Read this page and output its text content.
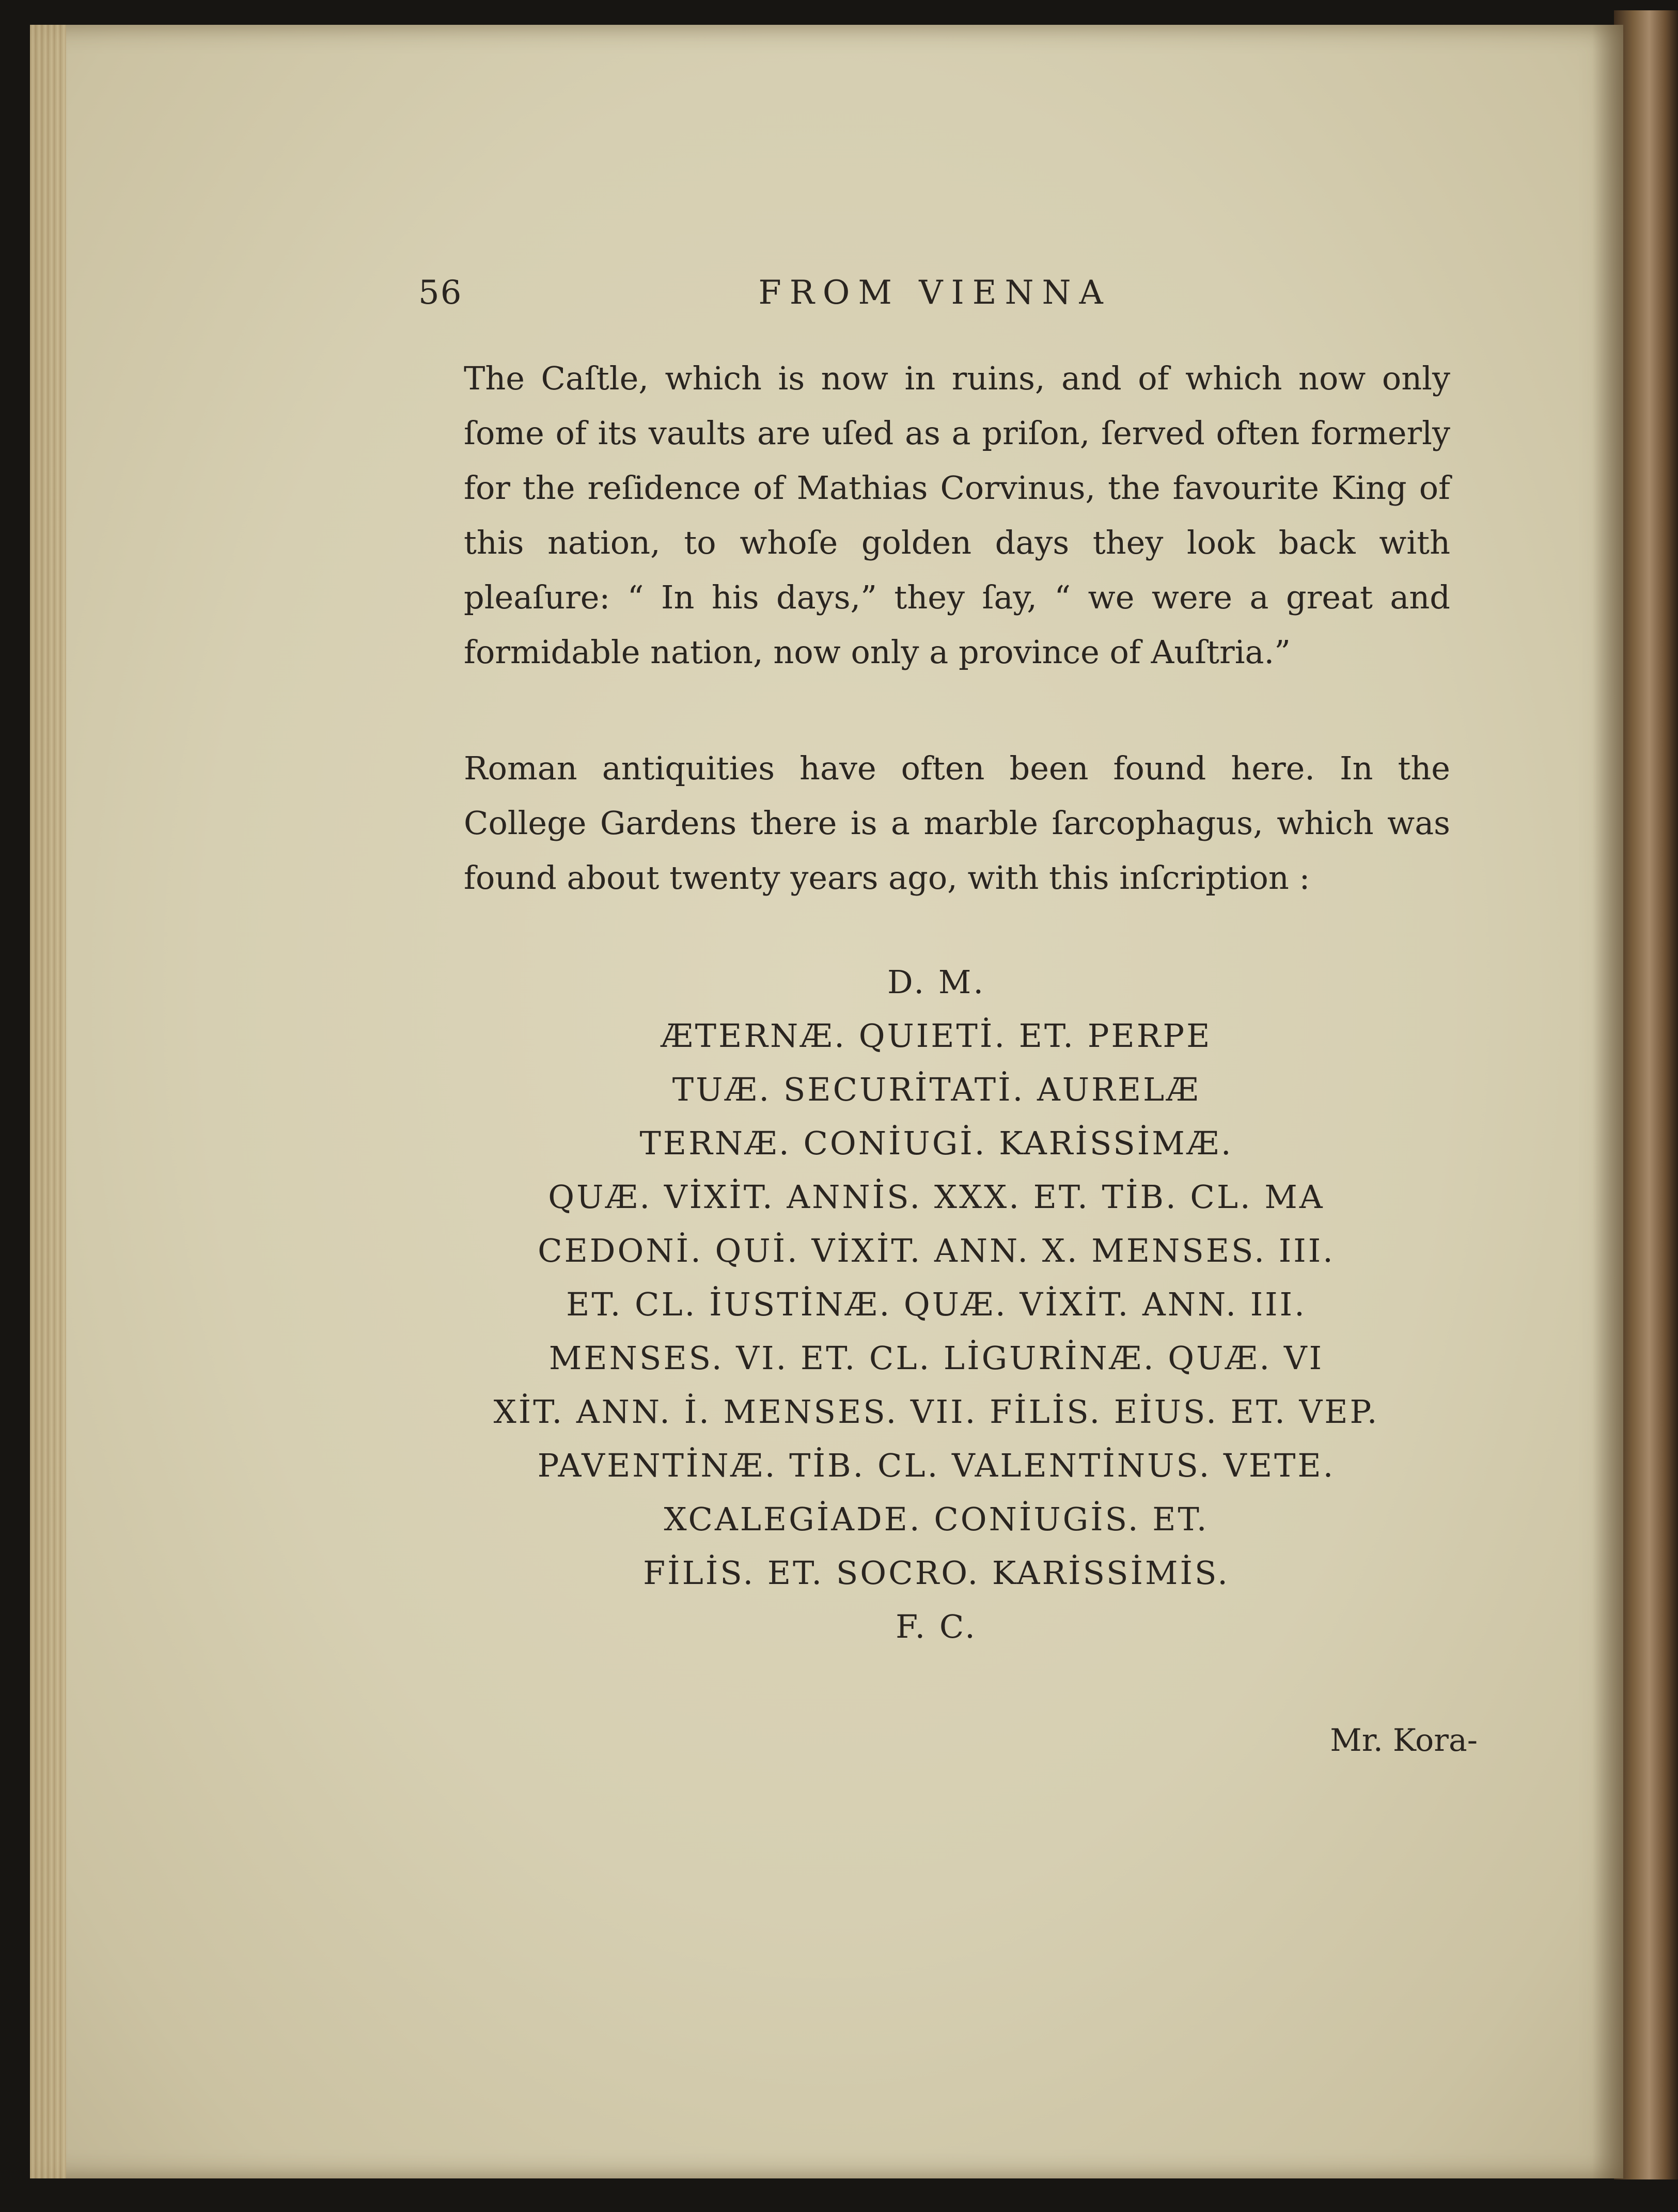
56	FROM VIENNA
The Caſtle, which is now in ruins, and of which now only ſome of its vaults are uſed as a priſon, ſerved often formerly for the reſidence of Mathias Corvinus, the favourite King of this nation, to whoſe golden days they look back with pleaſure: “ In his days,” they ſay, “ we were a great and formidable nation, now only a province of Auſtria.”
Roman antiquities have often been found here. In the College Gardens there is a marble ſarcophagus, which was found about twenty years ago, with this inſcription :
D. M.
ÆTERNÆ. QUIETİ. ET. PERPE
TUÆ. SECURİTATİ. AURELÆ
TERNÆ. CONİUGİ. KARİSSİMÆ.
QUÆ. VİXİT. ANNİS. XXX. ET. TİB. CL. MA
CEDONİ. QUİ. VİXİT. ANN. X. MENSES. III.
ET. CL. İUSTİNÆ. QUÆ. VİXİT. ANN. III.
MENSES. VI. ET. CL. LİGURİNÆ. QUÆ. VI
XİT. ANN. İ. MENSES. VII. FİLİS. EİUS. ET. VEP.
PAVENTİNÆ. TİB. CL. VALENTİNUS. VETE.
XCALEGİADE. CONİUGİS. ET.
FİLİS. ET. SOCRO. KARİSSİMİS.
F. C.
Mr. Kora-
